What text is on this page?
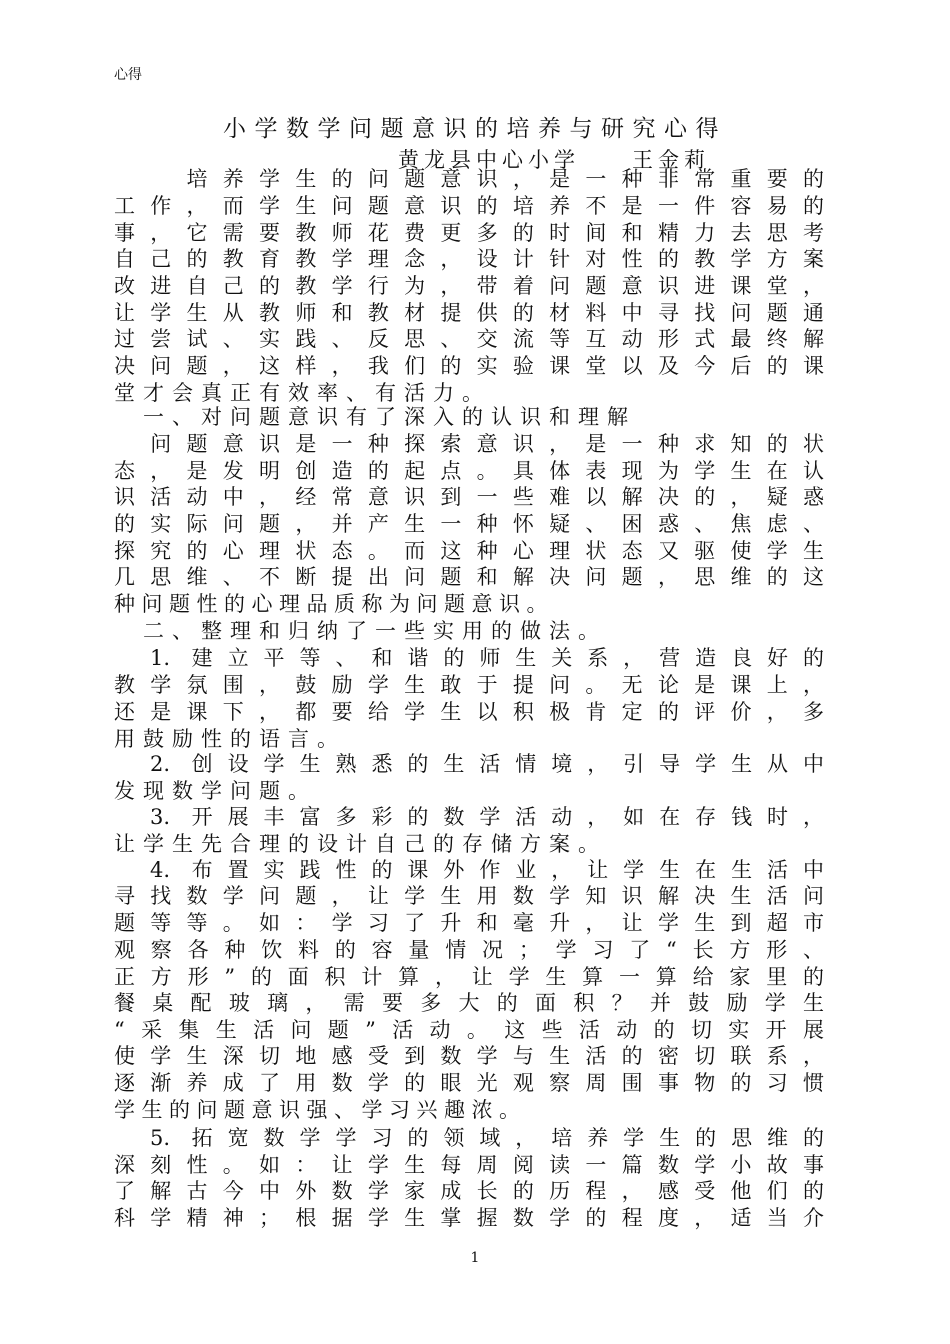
心得
小学数学问题意识的培养与研究心得
黄龙县中心小学　　王金莉
　　培养学生的问题意识，是一种非常重要的
工作，而学生问题意识的培养不是一件容易的
事，它需要教师花费更多的时间和精力去思考
自己的教育教学理念，设计针对性的教学方案
改进自己的教学行为，带着问题意识进课堂，
让学生从教师和教材提供的材料中寻找问题通
过尝试、实践、反思、交流等互动形式最终解
决问题，这样，我们的实验课堂以及今后的课
堂才会真正有效率、有活力。
　一、对问题意识有了深入的认识和理解
　问题意识是一种探索意识，是一种求知的状
态，是发明创造的起点。具体表现为学生在认
识活动中，经常意识到一些难以解决的，疑惑
的实际问题，并产生一种怀疑、困惑、焦虑、
探究的心理状态。而这种心理状态又驱使学生
几思维、不断提出问题和解决问题，思维的这
种问题性的心理品质称为问题意识。
　二、整理和归纳了一些实用的做法。
　1. 建立平等、和谐的师生关系，营造良好的
教学氛围，鼓励学生敢于提问。无论是课上，
还是课下，都要给学生以积极肯定的评价，多
用鼓励性的语言。
　2. 创设学生熟悉的生活情境，引导学生从中
发现数学问题。
　3. 开展丰富多彩的数学活动，如在存钱时，
让学生先合理的设计自己的存储方案。
　4. 布置实践性的课外作业，让学生在生活中
寻找数学问题，让学生用数学知识解决生活问
题等等。如：学习了升和毫升，让学生到超市
观察各种饮料的容量情况；学习了“长方形、
正方形”的面积计算，让学生算一算给家里的
餐桌配玻璃，需要多大的面积？并鼓励学生
“采集生活问题”活动。这些活动的切实开展
使学生深切地感受到数学与生活的密切联系，
逐渐养成了用数学的眼光观察周围事物的习惯
学生的问题意识强、学习兴趣浓。
　5. 拓宽数学学习的领域，培养学生的思维的
深刻性。如：让学生每周阅读一篇数学小故事
了解古今中外数学家成长的历程，感受他们的
科学精神；根据学生掌握数学的程度，适当介
1
